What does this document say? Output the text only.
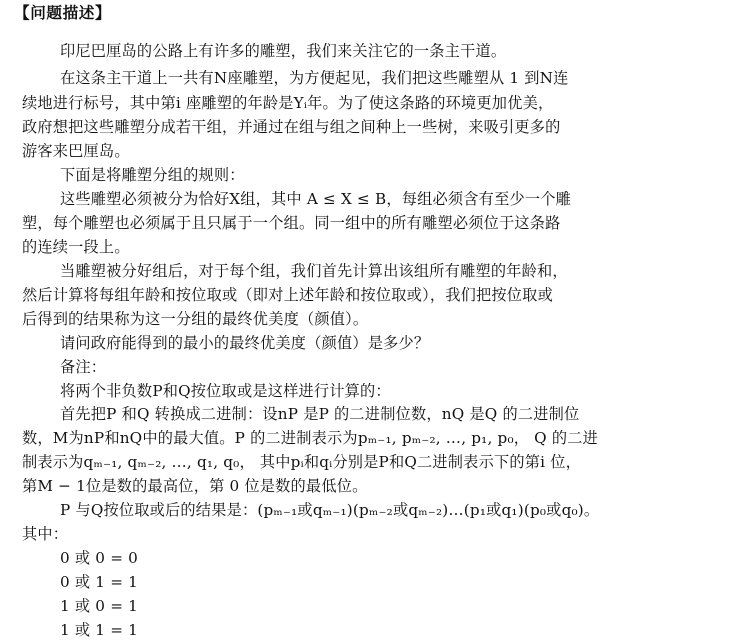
【问题描述】
印尼巴厘岛的公路上有许多的雕塑，我们来关注它的一条主干道。
在这条主干道上一共有N座雕塑，为方便起见，我们把这些雕塑从 1 到N连
续地进行标号，其中第i 座雕塑的年龄是Yᵢ年。为了使这条路的环境更加优美，
政府想把这些雕塑分成若干组，并通过在组与组之间种上一些树，来吸引更多的
游客来巴厘岛。
下面是将雕塑分组的规则：
这些雕塑必须被分为恰好X组，其中 A ≤ X ≤ B，每组必须含有至少一个雕
塑，每个雕塑也必须属于且只属于一个组。同一组中的所有雕塑必须位于这条路
的连续一段上。
当雕塑被分好组后，对于每个组，我们首先计算出该组所有雕塑的年龄和，
然后计算将每组年龄和按位取或（即对上述年龄和按位取或），我们把按位取或
后得到的结果称为这一分组的最终优美度（颜值）。
请问政府能得到的最小的最终优美度（颜值）是多少？
备注：
将两个非负数P和Q按位取或是这样进行计算的：
首先把P 和Q 转换成二进制：设nP 是P 的二进制位数，nQ 是Q 的二进制位
数，M为nP和nQ中的最大值。P 的二进制表示为pₘ₋₁, pₘ₋₂, …, p₁, p₀， Q 的二进
制表示为qₘ₋₁, qₘ₋₂, …, q₁, q₀， 其中pᵢ和qᵢ分别是P和Q二进制表示下的第i 位，
第M − 1位是数的最高位，第 0 位是数的最低位。
P 与Q按位取或后的结果是：(pₘ₋₁或qₘ₋₁)(pₘ₋₂或qₘ₋₂)…(p₁或q₁)(p₀或q₀)。
其中：
0 或 0 = 0
0 或 1 = 1
1 或 0 = 1
1 或 1 = 1
